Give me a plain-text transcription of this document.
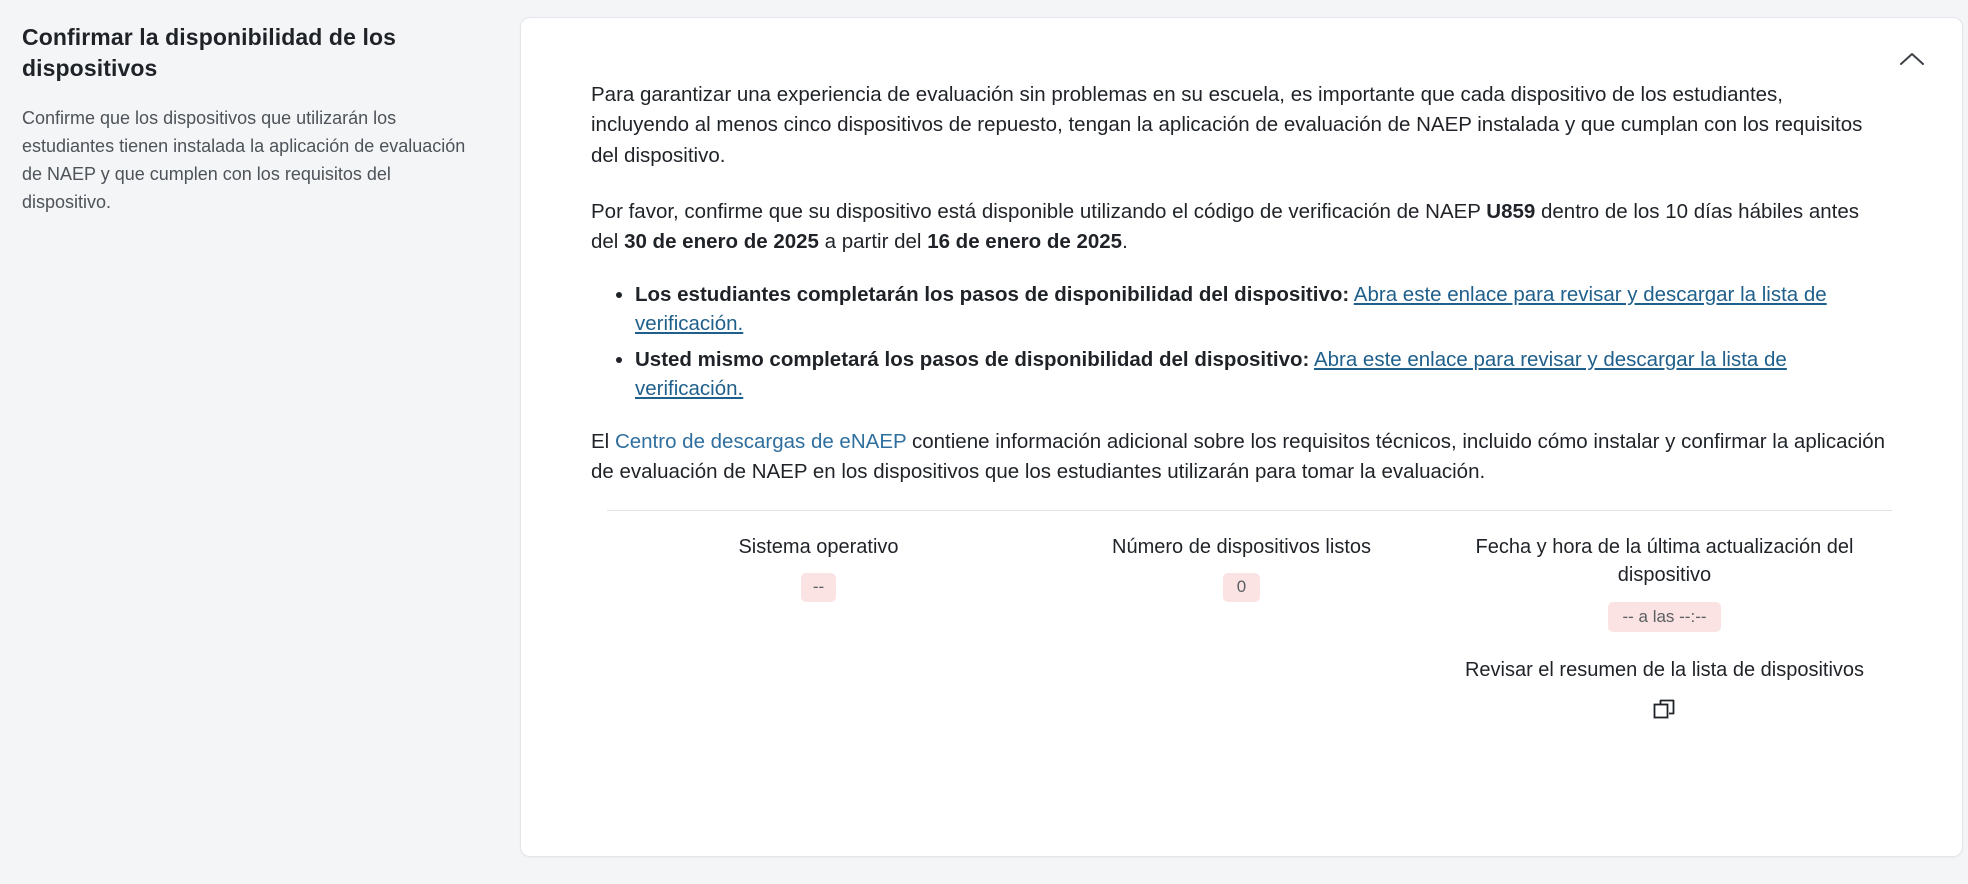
Confirmar la disponibilidad de los dispositivos

Confirme que los dispositivos que utilizarán los estudiantes tienen instalada la aplicación de evaluación de NAEP y que cumplen con los requisitos del dispositivo.

Para garantizar una experiencia de evaluación sin problemas en su escuela, es importante que cada dispositivo de los estudiantes, incluyendo al menos cinco dispositivos de repuesto, tengan la aplicación de evaluación de NAEP instalada y que cumplan con los requisitos del dispositivo.

Por favor, confirme que su dispositivo está disponible utilizando el código de verificación de NAEP U859 dentro de los 10 días hábiles antes del 30 de enero de 2025 a partir del 16 de enero de 2025.

• Los estudiantes completarán los pasos de disponibilidad del dispositivo: Abra este enlace para revisar y descargar la lista de verificación.
• Usted mismo completará los pasos de disponibilidad del dispositivo: Abra este enlace para revisar y descargar la lista de verificación.

El Centro de descargas de eNAEP contiene información adicional sobre los requisitos técnicos, incluido cómo instalar y confirmar la aplicación de evaluación de NAEP en los dispositivos que los estudiantes utilizarán para tomar la evaluación.

Sistema operativo
--
Número de dispositivos listos
0
Fecha y hora de la última actualización del dispositivo
-- a las --:--
Revisar el resumen de la lista de dispositivos
